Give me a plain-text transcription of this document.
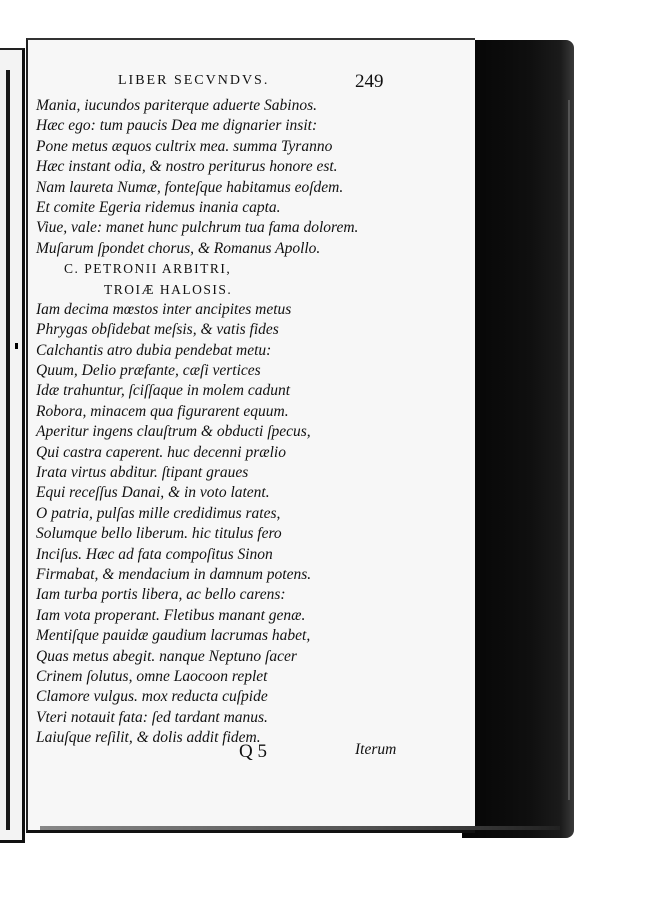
LIBER SECVNDVS.	249
Mania, iucundos pariterque aduerte Sabinos.
Hæc ego: tum paucis Dea me dignarier insit:
Pone metus æquos cultrix mea. summa Tyranno
Hæc instant odia, & nostro periturus honore est.
Nam laureta Numæ, fonteſque habitamus eoſdem.
Et comite Egeria ridemus inania capta.
Viue, vale: manet hunc pulchrum tua fama dolorem.
Muſarum ſpondet chorus, & Romanus Apollo.
C. PETRONII ARBITRI,
TROIÆ HALOSIS.
Iam decima mœstos inter ancipites metus
Phrygas obſidebat meſsis, & vatis fides
Calchantis atro dubia pendebat metu:
Quum, Delio præfante, cæſi vertices
Idæ trahuntur, ſciſſaque in molem cadunt
Robora, minacem qua figurarent equum.
Aperitur ingens clauſtrum & obducti ſpecus,
Qui castra caperent. huc decenni prælio
Irata virtus abditur. ſtipant graues
Equi receſſus Danai, & in voto latent.
O patria, pulſas mille credidimus rates,
Solumque bello liberum. hic titulus fero
Inciſus. Hæc ad fata compoſitus Sinon
Firmabat, & mendacium in damnum potens.
Iam turba portis libera, ac bello carens:
Iam vota properant. Fletibus manant genæ.
Mentiſque pauidæ gaudium lacrumas habet,
Quas metus abegit. nanque Neptuno ſacer
Crinem ſolutus, omne Laocoon replet
Clamore vulgus. mox reducta cuſpide
Vteri notauit fata: ſed tardant manus.
Laiuſque reſilit, & dolis addit fidem.
Q 5	Iterum
